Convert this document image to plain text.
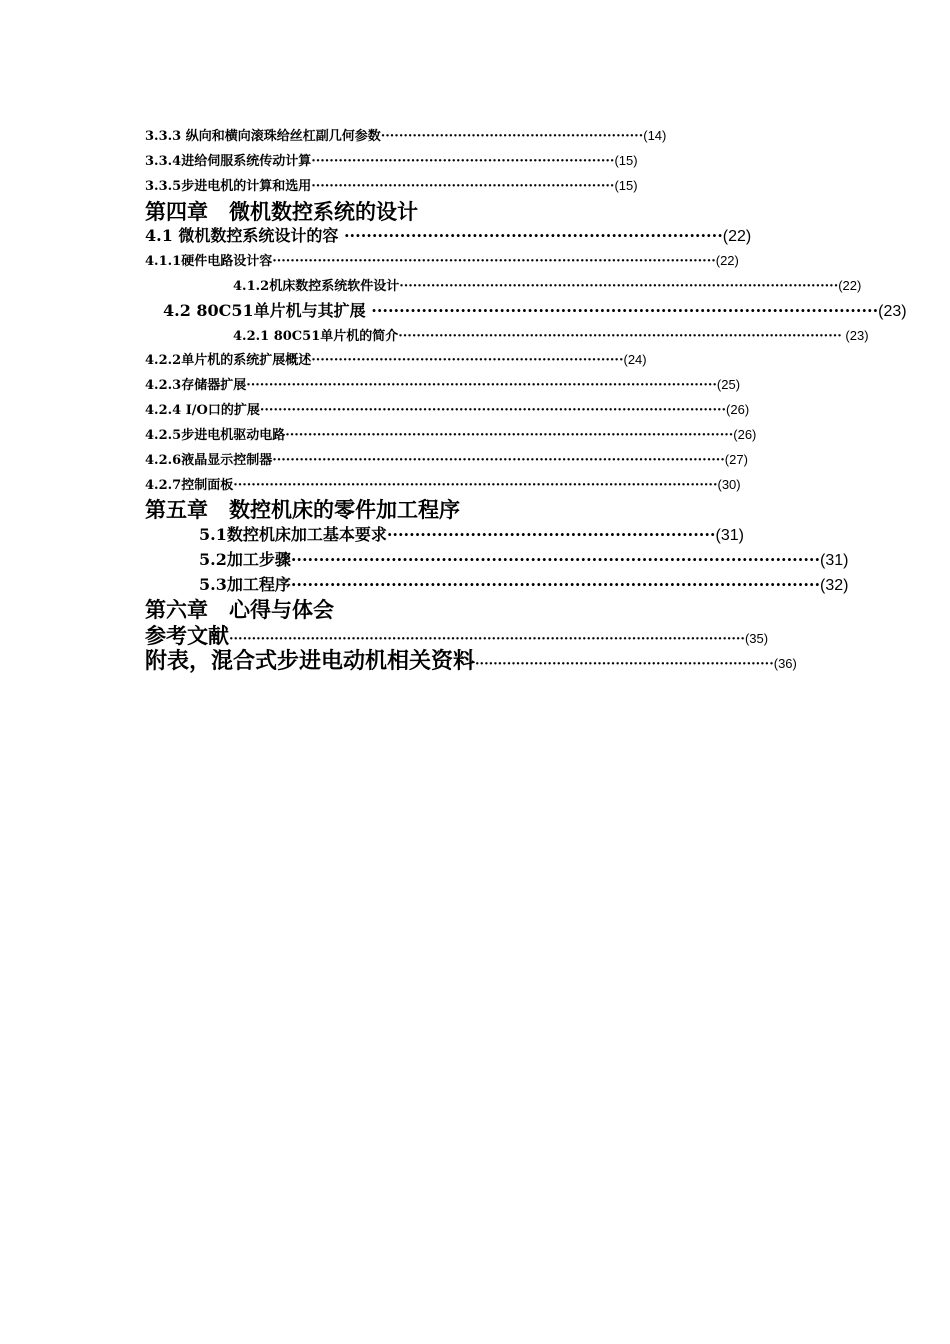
3.3.3 纵向和横向滚珠给丝杠副几何参数··························································(14)
3.3.4进给伺服系统传动计算···································································(15)
3.3.5步进电机的计算和选用···································································(15)
第四章　微机数控系统的设计
4.1 微机数控系统设计的容 ····································································(22)
4.1.1硬件电路设计容··································································································(22)
4.1.2机床数控系统软件设计·································································································(22)
4.2 80C51单片机与其扩展 ···························································································(23)
4.2.1 80C51单片机的简介·································································································· (23)
4.2.2单片机的系统扩展概述·····································································(24)
4.2.3存储器扩展········································································································(25)
4.2.4 I/O口的扩展·······································································································(26)
4.2.5步进电机驱动电路···································································································(26)
4.2.6液晶显示控制器····································································································(27)
4.2.7控制面板···········································································································(30)
第五章　数控机床的零件加工程序
5.1数控机床加工基本要求···························································(31)
5.2加工步骤·······························································································(31)
5.3加工程序·······························································································(32)
第六章　心得与体会
参考文献··················································································································(35)
附表，混合式步进电动机相关资料··································································(36)
